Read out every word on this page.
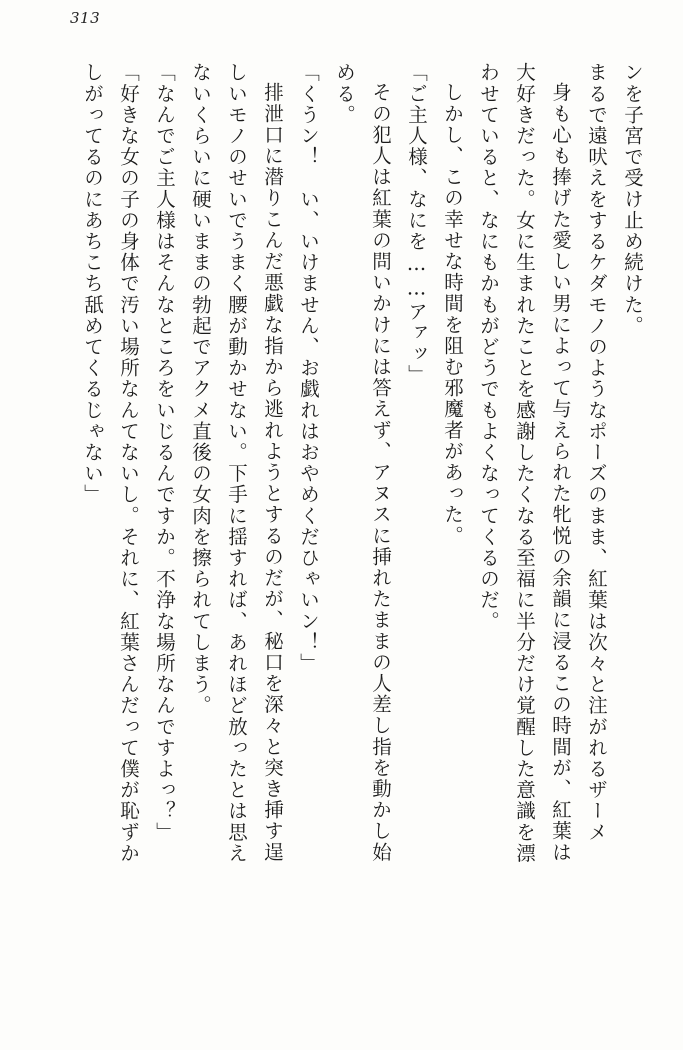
313

ンを子宮で受け止め続けた。

まるで遠吠えをするケダモノのようなポーズのまま、紅葉は次々と注がれるザーメ

身も心も捧げた愛しい男によって与えられた牝悦の余韻に浸るこの時間が、紅葉は

大好きだった。女に生まれたことを感謝したくなる至福に半分だけ覚醒した意識を漂

わせていると、なにもかもがどうでもよくなってくるのだ。

しかし、この幸せな時間を阻む邪魔者があった。

「ご主人様、なにを……アァッ」

その犯人は紅葉の問いかけには答えず、アヌスに挿れたままの人差し指を動かし始

める。

「くうン！　い、いけません、お戯れはおやめくだひゃいン！」

排泄口に潜りこんだ悪戯な指から逃れようとするのだが、秘口を深々と突き挿す逞

しいモノのせいでうまく腰が動かせない。下手に揺すれば、あれほど放ったとは思え

ないくらいに硬いままの勃起でアクメ直後の女肉を擦られてしまう。

「なんでご主人様はそんなところをいじるんですか。不浄な場所なんですよっ？」

「好きな女の子の身体で汚い場所なんてないし。それに、紅葉さんだって僕が恥ずか

しがってるのにあちこち舐めてくるじゃない」
